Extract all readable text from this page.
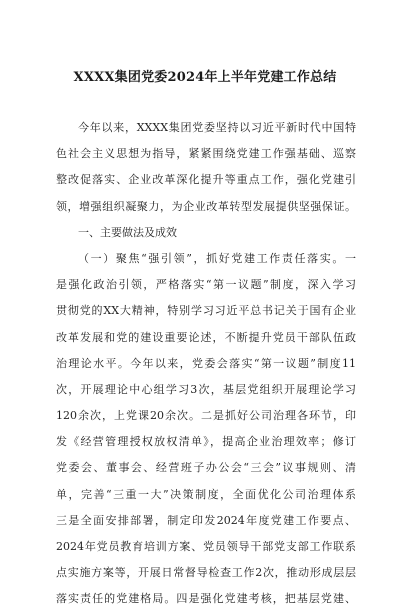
XXXX集团党委2024年上半年党建工作总结
今年以来，XXXX集团党委坚持以习近平新时代中国特
色社会主义思想为指导，紧紧围绕党建工作强基础、巡察
整改促落实、企业改革深化提升等重点工作，强化党建引
领，增强组织凝聚力，为企业改革转型发展提供坚强保证。
一、主要做法及成效
（一）聚焦“强引领”，抓好党建工作责任落实。一
是强化政治引领，严格落实“第一议题”制度，深入学习
贯彻党的XX大精神，特别学习习近平总书记关于国有企业
改革发展和党的建设重要论述，不断提升党员干部队伍政
治理论水平。今年以来，党委会落实“第一议题”制度11
次，开展理论中心组学习3次，基层党组织开展理论学习
120余次，上党课20余次。二是抓好公司治理各环节，印
发《经营管理授权放权清单》，提高企业治理效率；修订
党委会、董事会、经营班子办公会“三会”议事规则、清
单，完善“三重一大”决策制度，全面优化公司治理体系
三是全面安排部署，制定印发2024年度党建工作要点、
2024年党员教育培训方案、党员领导干部党支部工作联系
点实施方案等，开展日常督导检查工作2次，推动形成层层
落实责任的党建格局。四是强化党建考核，把基层党建、
